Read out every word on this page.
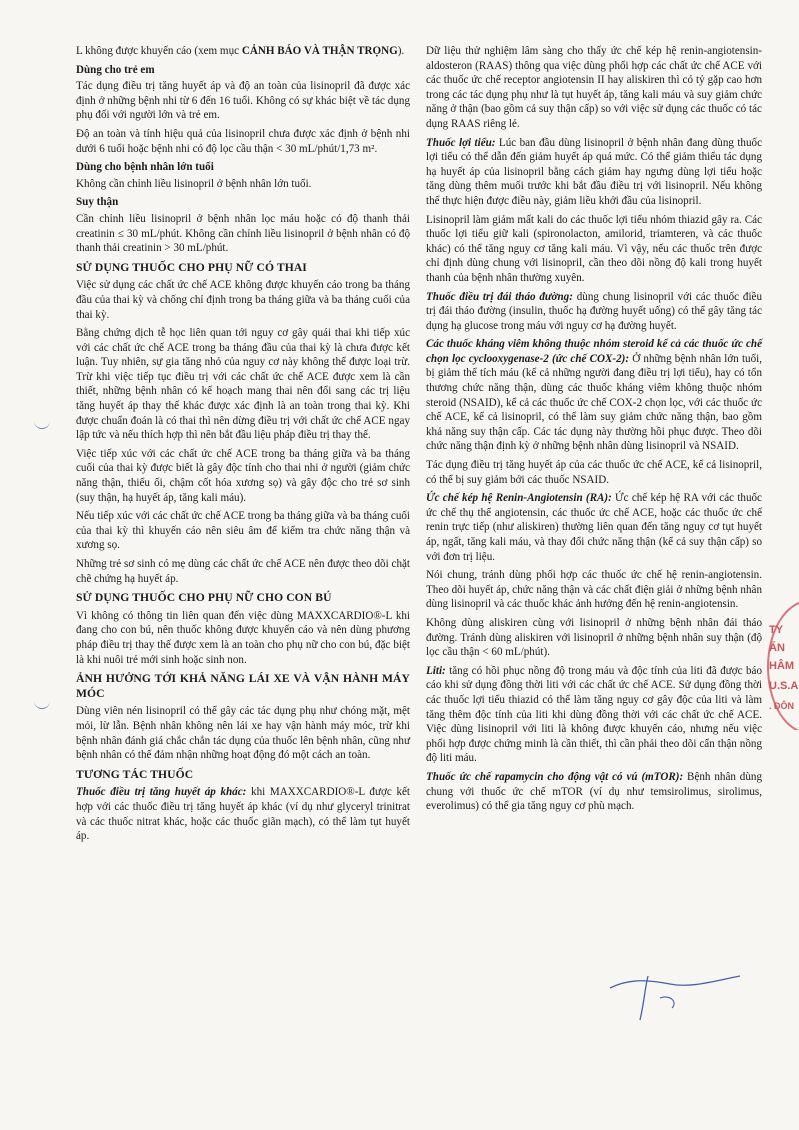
L không được khuyến cáo (xem mục CẢNH BÁO VÀ THẬN TRỌNG).

Dùng cho trẻ em

Tác dụng điều trị tăng huyết áp và độ an toàn của lisinopril đã được xác định ở những bệnh nhi từ 6 đến 16 tuổi. Không có sự khác biệt về tác dụng phụ đối với người lớn và trẻ em.

Độ an toàn và tính hiệu quả của lisinopril chưa được xác định ở bệnh nhi dưới 6 tuổi hoặc bệnh nhi có độ lọc cầu thận < 30 mL/phút/1,73 m².

Dùng cho bệnh nhân lớn tuổi

Không cần chỉnh liều lisinopril ở bệnh nhân lớn tuổi.

Suy thận

Cần chỉnh liều lisinopril ở bệnh nhân lọc máu hoặc có độ thanh thải creatinin ≤ 30 mL/phút. Không cần chỉnh liều lisinopril ở bệnh nhân có độ thanh thải creatinin > 30 mL/phút.

SỬ DỤNG THUỐC CHO PHỤ NỮ CÓ THAI

Việc sử dụng các chất ức chế ACE không được khuyến cáo trong ba tháng đầu của thai kỳ và chống chỉ định trong ba tháng giữa và ba tháng cuối của thai kỳ.

Bằng chứng dịch tễ học liên quan tới nguy cơ gây quái thai khi tiếp xúc với các chất ức chế ACE trong ba tháng đầu của thai kỳ là chưa được kết luận. Tuy nhiên, sự gia tăng nhỏ của nguy cơ này không thể được loại trừ. Trừ khi việc tiếp tục điều trị với các chất ức chế ACE được xem là cần thiết, những bệnh nhân có kế hoạch mang thai nên đổi sang các trị liệu tăng huyết áp thay thế khác được xác định là an toàn trong thai kỳ. Khi được chuẩn đoán là có thai thì nên dừng điều trị với chất ức chế ACE ngay lập tức và nếu thích hợp thì nên bắt đầu liệu pháp điều trị thay thế.

Việc tiếp xúc với các chất ức chế ACE trong ba tháng giữa và ba tháng cuối của thai kỳ được biết là gây độc tính cho thai nhi ở người (giảm chức năng thận, thiểu ối, chậm cốt hóa xương sọ) và gây độc cho trẻ sơ sinh (suy thận, hạ huyết áp, tăng kali máu).

Nếu tiếp xúc với các chất ức chế ACE trong ba tháng giữa và ba tháng cuối của thai kỳ thì khuyến cáo nên siêu âm để kiểm tra chức năng thận và xương sọ.

Những trẻ sơ sinh có mẹ dùng các chất ức chế ACE nên được theo dõi chặt chẽ chứng hạ huyết áp.

SỬ DỤNG THUỐC CHO PHỤ NỮ CHO CON BÚ

Vì không có thông tin liên quan đến việc dùng MAXXCARDIO®-L khi đang cho con bú, nên thuốc không được khuyến cáo và nên dùng phương pháp điều trị thay thế được xem là an toàn cho phụ nữ cho con bú, đặc biệt là khi nuôi trẻ mới sinh hoặc sinh non.

ẢNH HƯỞNG TỚI KHẢ NĂNG LÁI XE VÀ VẬN HÀNH MÁY MÓC

Dùng viên nén lisinopril có thể gây các tác dụng phụ như chóng mặt, mệt mỏi, lừ lẫn. Bệnh nhân không nên lái xe hay vận hành máy móc, trừ khi bệnh nhân đánh giá chắc chắn tác dụng của thuốc lên bệnh nhân, cũng như bệnh nhân có thể đảm nhận những hoạt động đó một cách an toàn.

TƯƠNG TÁC THUỐC

Thuốc điều trị tăng huyết áp khác: khi MAXXCARDIO®-L được kết hợp với các thuốc điều trị tăng huyết áp khác (ví dụ như glyceryl trinitrat và các thuốc nitrat khác, hoặc các thuốc giãn mạch), có thể làm tụt huyết áp.

Dữ liệu thử nghiệm lâm sàng cho thấy ức chế kép hệ renin-angiotensin-aldosteron (RAAS) thông qua việc dùng phối hợp các chất ức chế ACE với các thuốc ức chế receptor angiotensin II hay aliskiren thì có tỷ gặp cao hơn trong các tác dụng phụ như là tụt huyết áp, tăng kali máu và suy giảm chức năng ở thận (bao gồm cả suy thận cấp) so với việc sử dụng các thuốc có tác dụng RAAS riêng lẻ.

Thuốc lợi tiểu: Lúc ban đầu dùng lisinopril ở bệnh nhân đang dùng thuốc lợi tiểu có thể dẫn đến giảm huyết áp quá mức. Có thể giảm thiểu tác dụng hạ huyết áp của lisinopril bằng cách giảm hay ngưng dùng lợi tiểu hoặc tăng dùng thêm muối trước khi bắt đầu điều trị với lisinopril. Nếu không thể thực hiện được điều này, giảm liều khởi đầu của lisinopril.

Lisinopril làm giảm mất kali do các thuốc lợi tiểu nhóm thiazid gây ra. Các thuốc lợi tiểu giữ kali (spironolacton, amilorid, triamteren, và các thuốc khác) có thể tăng nguy cơ tăng kali máu. Vì vậy, nếu các thuốc trên được chỉ định dùng chung với lisinopril, cần theo dõi nồng độ kali trong huyết thanh của bệnh nhân thường xuyên.

Thuốc điều trị đái tháo đường: dùng chung lisinopril với các thuốc điều trị đái tháo đường (insulin, thuốc hạ đường huyết uống) có thể gây tăng tác dụng hạ glucose trong máu với nguy cơ hạ đường huyết.

Các thuốc kháng viêm không thuộc nhóm steroid kể cả các thuốc ức chế chọn lọc cyclooxygenase-2 (ức chế COX-2): Ở những bệnh nhân lớn tuổi, bị giảm thể tích máu (kể cả những người đang điều trị lợi tiểu), hay có tổn thương chức năng thận, dùng các thuốc kháng viêm không thuộc nhóm steroid (NSAID), kể cả các thuốc ức chế COX-2 chọn lọc, với các thuốc ức chế ACE, kể cả lisinopril, có thể làm suy giảm chức năng thận, bao gồm khả năng suy thận cấp. Các tác dụng này thường hồi phục được. Theo dõi chức năng thận định kỳ ở những bệnh nhân dùng lisinopril và NSAID.

Tác dụng điều trị tăng huyết áp của các thuốc ức chế ACE, kể cả lisinopril, có thể bị suy giảm bởi các thuốc NSAID.

Ức chế kép hệ Renin-Angiotensin (RA): Ức chế kép hệ RA với các thuốc ức chế thụ thể angiotensin, các thuốc ức chế ACE, hoặc các thuốc ức chế renin trực tiếp (như aliskiren) thường liên quan đến tăng nguy cơ tụt huyết áp, ngất, tăng kali máu, và thay đổi chức năng thận (kể cả suy thận cấp) so với đơn trị liệu.

Nói chung, tránh dùng phối hợp các thuốc ức chế hệ renin-angiotensin. Theo dõi huyết áp, chức năng thận và các chất điện giải ở những bệnh nhân dùng lisinopril và các thuốc khác ảnh hưởng đến hệ renin-angiotensin.

Không dùng aliskiren cùng với lisinopril ở những bệnh nhân đái tháo đường. Tránh dùng aliskiren với lisinopril ở những bệnh nhân suy thận (độ lọc cầu thận < 60 mL/phút).

Liti: tăng có hồi phục nồng độ trong máu và độc tính của liti đã được báo cáo khi sử dụng đồng thời liti với các chất ức chế ACE. Sử dụng đồng thời các thuốc lợi tiểu thiazid có thể làm tăng nguy cơ gây độc của liti và làm tăng thêm độc tính của liti khi dùng đồng thời với các chất ức chế ACE. Việc dùng lisinopril với liti là không được khuyến cáo, nhưng nếu việc phối hợp được chứng minh là cần thiết, thì cần phải theo dõi cẩn thận nồng độ liti máu.

Thuốc ức chế rapamycin cho động vật có vú (mTOR): Bệnh nhân dùng chung với thuốc ức chế mTOR (ví dụ như temsirolimus, sirolimus, everolimus) có thể gia tăng nguy cơ phù mạch.

TY
ẨN
HÂM
U.S.A
. ĐÔN
